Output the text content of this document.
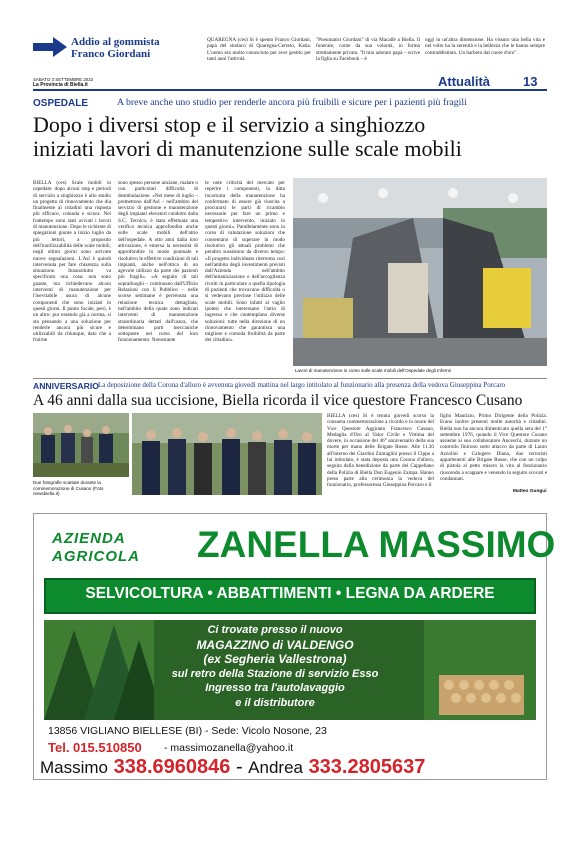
Addio al gommista
Franco Giordani
QUAREGNA (ces) Si è spento Franco Giordani, papà del sindaco di Quaregna-Cerreto, Katia. L'uomo era molto conosciuto per aver gestito per tanti anni l'attività
"Pneumatici Giordani" di via Macallè a Biella. Il funerale, come da sua volontà, in forma strettamente privata. "Il mio adorato papà – scrive la figlia su Facebook – è
oggi in un'altra dimensione. Ha vissuto una bella vita e nel volto ha la serenità e la bellezza che le hanno sempre contraddistinto. Un barbero dal cuore d'oro".
SABATO 3 SETTEMBRE 2022
La Provincia di Biella.it	Attualità	13
OSPEDALE	A breve anche uno studio per renderle ancora più fruibili e sicure per i pazienti più fragili
Dopo i diversi stop e il servizio a singhiozzo
iniziati lavori di manutenzione sulle scale mobili
BIELLA (ces) Scale mobili in ospedale: dopo alcuni stop e periodi di servizio a singhiozzo è allo studio un progetto di rinnovamento che dia finalmente ai cittadini una risposta più efficace, comoda e sicura. Nel frattempo sono stati avviati i lavori di manutenzione. Dopo le richieste di spiegazioni giunte a inizio luglio da più lettori, a proposito dell'inutilizzabilità delle scale mobili, negli ultimi giorni sono arrivate nuove segnalazioni. L'Asl è quindi intervenuta per fare chiarezza sulla situazione. Innanzitutto va specificato una cosa: non sono guaste, ma richiedevano alcuni interventi di manutenzione per l'inevitabile usura di alcune componenti che sono iniziati in questi giorni. Il punto focale, però, è un altro: pur essendo già a norma, si sta pensando a una soluzione per renderle ancora più sicure e utilizzabili da chiunque, dato che a fruirne
sono spesso persone anziane, malate o con particolari difficoltà di deambulazione. «Nel mese di luglio – premettono dall'Asl – nell'ambito del servizio di gestione e manutenzione degli impianti elevatori condotto dalla S.C. Tecnico, è stata effettuata una verifica tecnica approfondita anche sulle scale mobili dell'atrio dell'ospedale. A otto anni dalla loro attivazione, è emersa la necessità di approfondire in modo puntuale e risolutivo le effettive condizioni di tali impianti, anche nell'ottica di un agevole utilizzo da parte dei pazienti più fragili». «A seguito di tali sopralluoghi – continuano dall'Ufficio Relazioni con il Pubblico – nelle scorse settimane è pervenuta una relazione tecnica dettagliata, nell'ambito della quale sono indicati interventi di manutenzione straordinaria dettati dall'usura, che determinano parti meccaniche sottoposte nel corso del loro funzionamento. Nonostante
le note criticità del mercato per reperire i componenti, la ditta incaricata della manutenzione ha confermato di essere già riuscita a procurarsi le parti di ricambio necessarie per fare un primo e tempestivo intervento, iniziato in questi giorni». Parallelamente sono in corso di valutazione soluzioni che consentano di superare in modo risolutivo gli attuali problemi che peraltro sussistono da diverso tempo: «Il progetto individuato riterremo così nell'ambito degli investimenti previsti dall'Azienda nell'ambito dell'umanizzazione e dell'accoglienza rivolti in particolare a quella tipologia di pazienti che trovavano difficoltà o si vedevano precluse l'utilizzo delle scale mobili. Sono infatti al vaglio ipotesi che interessano l'atrio di ingresso e che contemplano diverse soluzioni: tutte nella direzione di un rinnovamento che garantisca una migliore e comoda fruibilità da parte dei cittadini».
Lavori di manutenzione in corso sulle scale mobili dell'Ospedale degli Infermi
ANNIVERSARIO La deposizione della Corona d'alloro è avvenuta giovedì mattina nel largo intitolato al funzionario alla presenza della vedova Giuseppina Porcaro
A 46 anni dalla sua uccisione, Biella ricorda il vice questore Francesco Cusano
Due fotografie scattate durante la commemorazione di Cusano (Foto newsbiella.it)
BIELLA (ces) Si è tenuta giovedì scorso la consueta commemorazione a ricordo e in onore del Vice Questore Aggiunto Francesco Cusano, Medaglia d'Oro al Valor Civile e Vittima del dovere, in occasione del 46° anniversario della sua morte per mano delle Brigate Rosse. Alle 11.30 all'interno dei Giardini Zumaglini presso il Cippo a lui intitolato, è stata deposta una Corona d'alloro, seguita dalla benedizione da parte del Cappellano della Polizia di Biella Don Eugenio Zampa. Hanno preso parte alla cerimonia la vedova del funzionario, professoressa Giuseppina Porcaro e il
figlio Maurizio, Primo Dirigente della Polizia. Erano inoltre presenti molte autorità e cittadini. Biella non ha ancora dimenticato quella sera del 1° settembre 1976, quando il Vice Questore Cusano assieme ai suo collaboratore Anceschi, durante un controllo finirono sotto attacco da parte di Lauro Azzolini e Calogero Diana, due terroristi appartenenti alle Brigate Rosse, che con un colpo di pistola al petto misero la vita al funzionario riuscendo a scappare e venendo in seguito scovati e condannati.
Matteo Gungui
AZIENDA
AGRICOLA ZANELLA MASSIMO
SELVICOLTURA • ABBATTIMENTI • LEGNA DA ARDERE
Ci trovate presso il nuovo
MAGAZZINO di VALDENGO
(ex Segheria Vallestrona)
sul retro della Stazione di servizio Esso
Ingresso tra l'autolavaggio
e il distributore
13856 VIGLIANO BIELLESE (BI) - Sede: Vicolo Nosone, 23
Tel. 015.510850 - massimozanella@yahoo.it
Massimo 338.6960846 - Andrea 333.2805637
